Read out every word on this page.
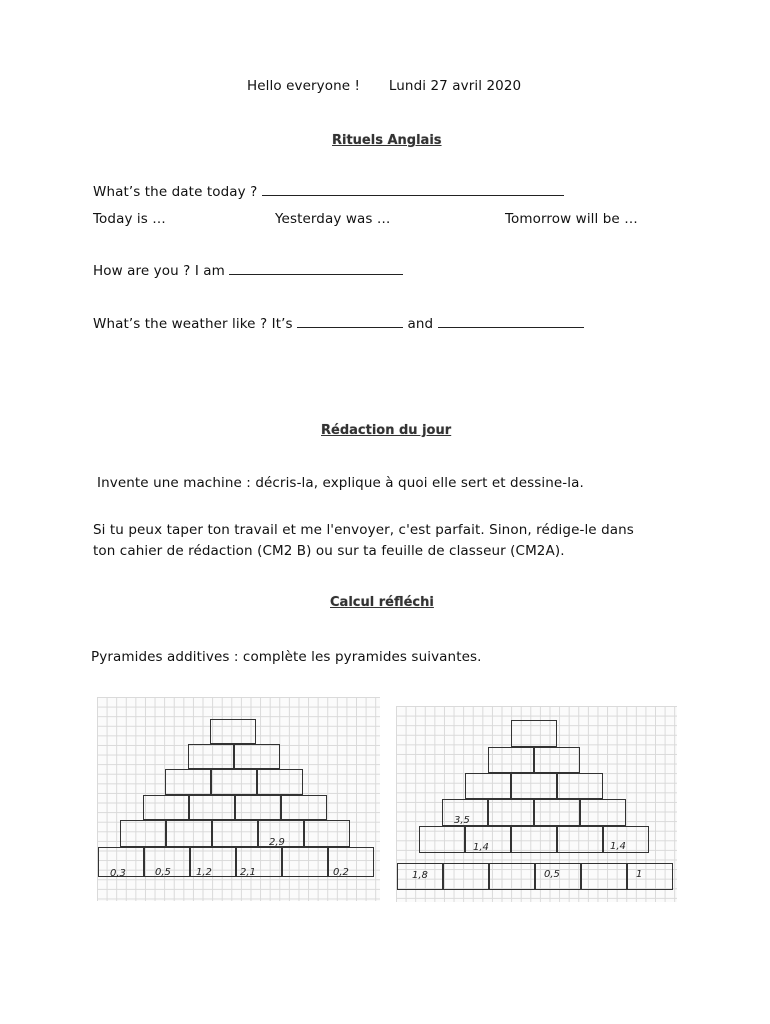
Hello everyone ! Lundi 27 avril 2020
Rituels Anglais
What’s the date today ?
Today is …	Yesterday was …	Tomorrow will be …
How are you ? I am
What’s the weather like ? It’s	and
Rédaction du jour
Invente une machine : décris-la, explique à quoi elle sert et dessine-la.
Si tu peux taper ton travail et me l'envoyer, c'est parfait. Sinon, rédige-le dans
ton cahier de rédaction (CM2 B) ou sur ta feuille de classeur (CM2A).
Calcul réfléchi
Pyramides additives : complète les pyramides suivantes.
2,9
0,3	0,5	1,2	2,1	0,2
3,5
1,4	1,4
1,8	0,5	1
